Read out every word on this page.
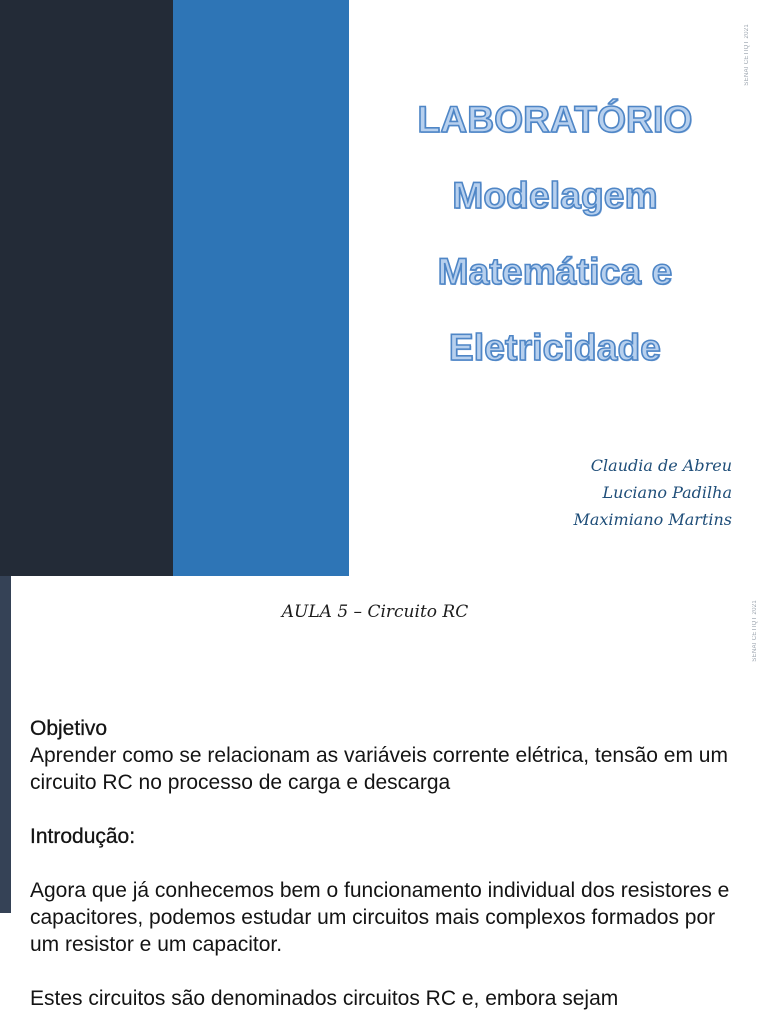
SENAI CETIQT 2021
LABORATÓRIO
Modelagem
Matemática e
Eletricidade
Claudia de Abreu
Luciano Padilha
Maximiano Martins
SENAI CETIQT 2021
AULA 5 – Circuito RC
Objetivo
Aprender como se relacionam as variáveis corrente elétrica, tensão em um circuito RC no processo de carga e descarga
Introdução:
Agora que já conhecemos bem o funcionamento individual dos resistores e capacitores, podemos estudar um circuitos mais complexos formados por um resistor e um capacitor.
Estes circuitos são denominados circuitos RC e, embora sejam
